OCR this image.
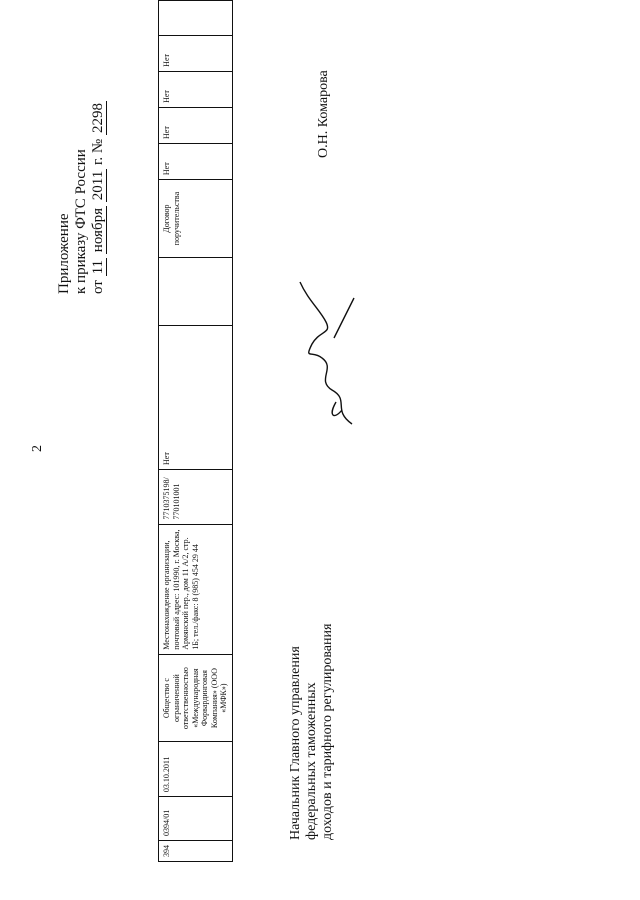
2
Приложение к приказу ФТС России от 11 ноября 2011 г. № 2298
394	0394/01	03.10.2011	Общество с ограниченной ответственностью «Международная Форвардинговая Компания» (ООО «МФК»)	Местонахождение организации, почтовый адрес: 101990, г. Москва, Армянский пер., дом 11 А/2, стр. 1Б; тел./факс: 8 (985) 454 29 44	7710375198/ 770101001	Нет		Договор поручительства	Нет	Нет	Нет	Нет	
Начальник Главного управления федеральных таможенных доходов и тарифного регулирования
О.Н. Комарова
